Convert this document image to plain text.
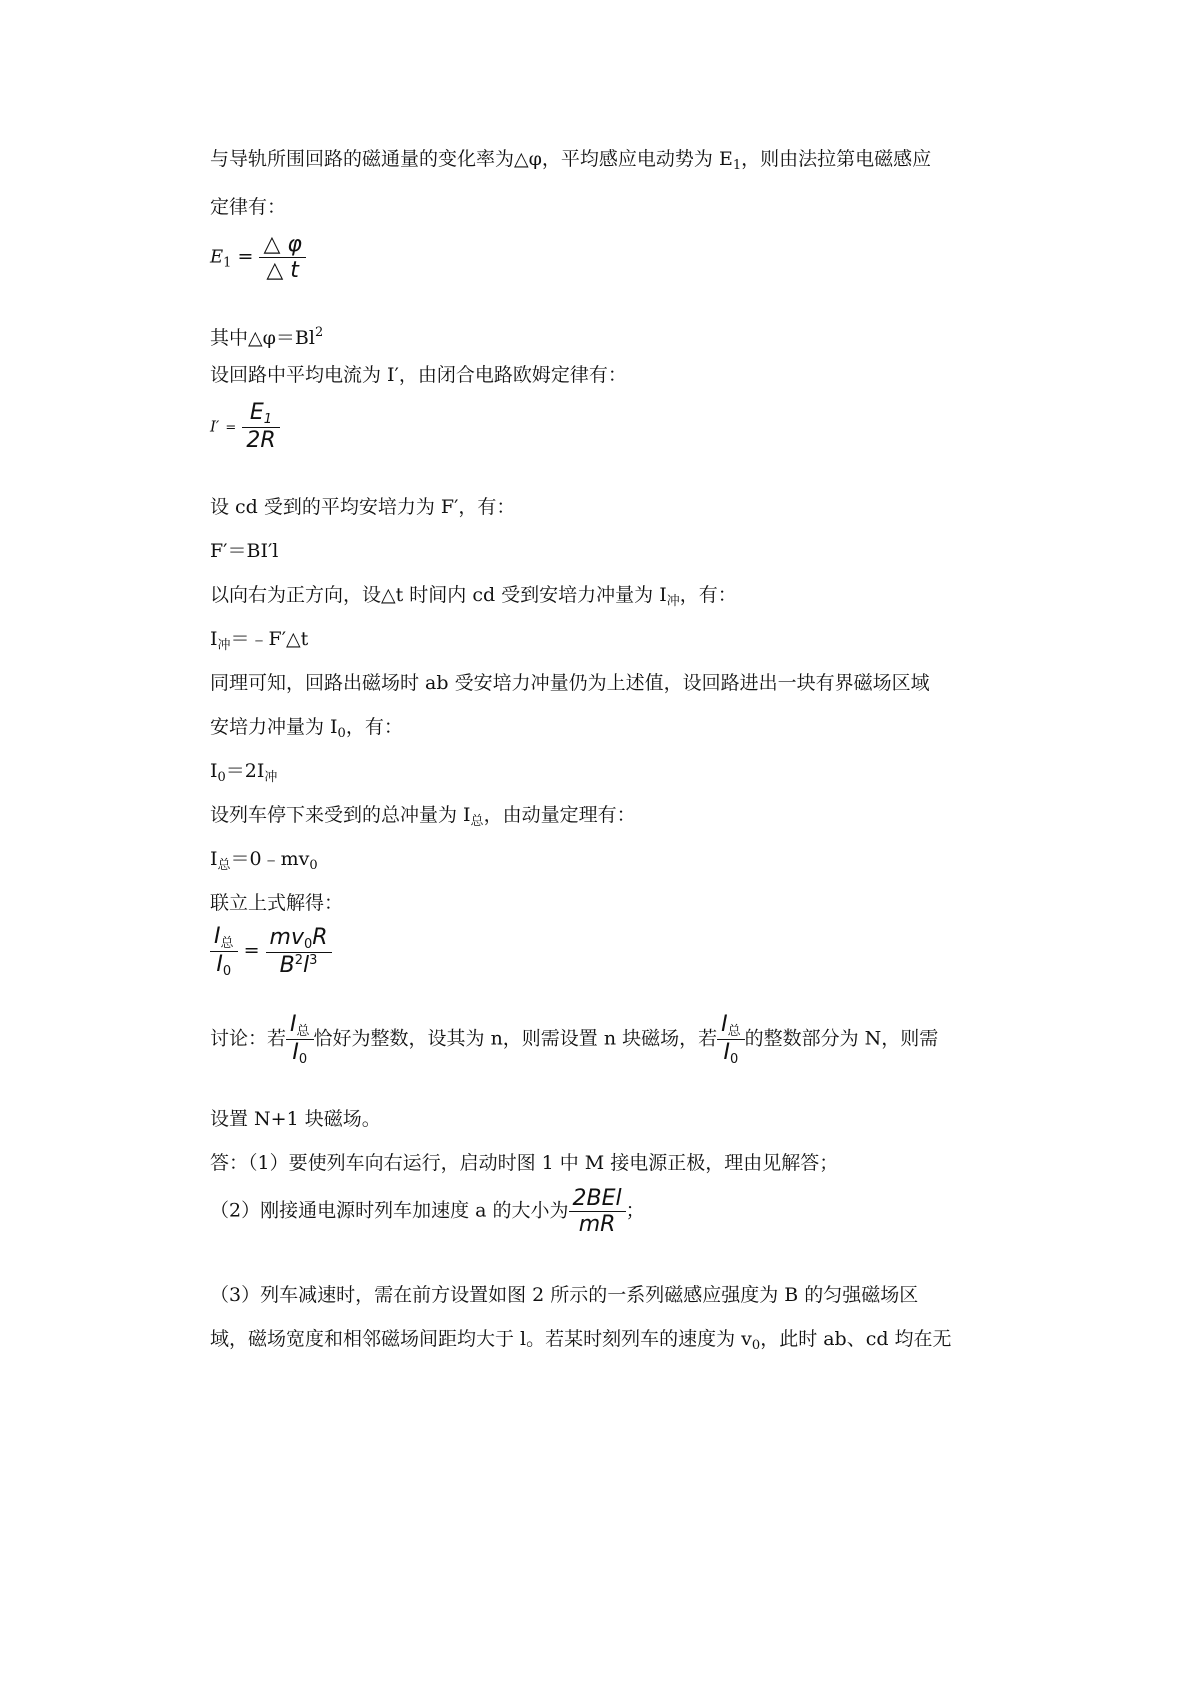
与导轨所围回路的磁通量的变化率为△φ，平均感应电动势为 $E_1$，则由法拉第电磁感应
定律有：
$E_1 = \frac{\triangle \varphi}{\triangle t}$
其中$\triangle\varphi=Bl^2$
设回路中平均电流为 I′，由闭合电路欧姆定律有：
$I' = \frac{E_1}{2R}$
设 cd 受到的平均安培力为 F′，有：
F′＝BI′l
以向右为正方向，设△t 时间内 cd 受到安培力冲量为 $I_冲$，有：
$I_冲=﹣F'\triangle t$
同理可知，回路出磁场时 ab 受安培力冲量仍为上述值，设回路进出一块有界磁场区域
安培力冲量为 $I_0$，有：
$I_0=2I_冲$
设列车停下来受到的总冲量为 $I_总$，由动量定理有：
$I_总=0﹣mv_0$
联立上式解得：
$\frac{I_总}{I_0} = \frac{mv_0R}{B^2l^3}$
讨论：若 $\frac{I_总}{I_0}$ 恰好为整数，设其为 n，则需设置 n 块磁场，若 $\frac{I_总}{I_0}$ 的整数部分为 N，则需
设置 N+1 块磁场。
答：（1）要使列车向右运行，启动时图 1 中 M 接电源正极，理由见解答；
（2）刚接通电源时列车加速度 a 的大小为 $\frac{\text{2BEl}}{mR}$ ；
（3）列车减速时，需在前方设置如图 2 所示的一系列磁感应强度为 B 的匀强磁场区
域，磁场宽度和相邻磁场间距均大于 l。若某时刻列车的速度为 $v_0$，此时 ab、cd 均在无
